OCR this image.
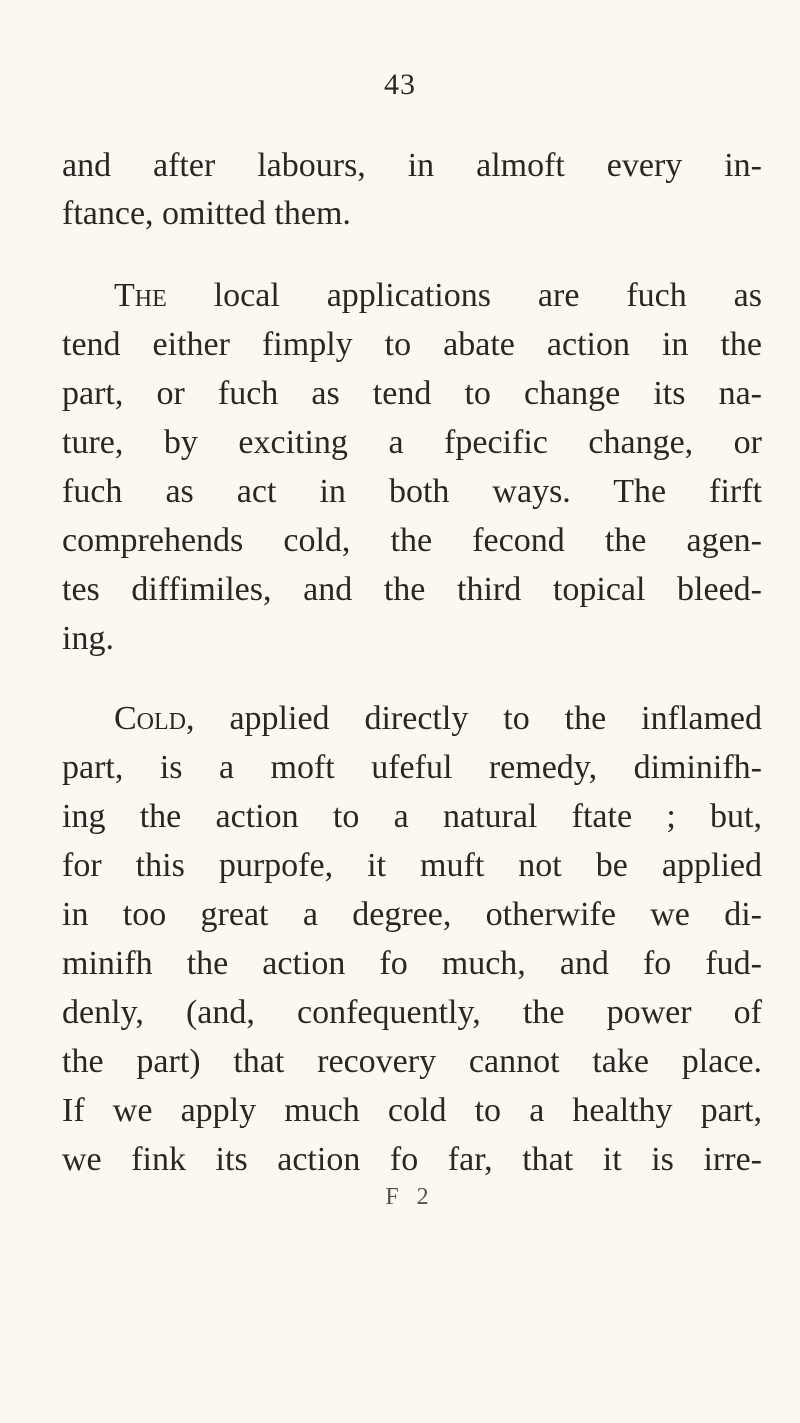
43
and after labours, in almoft every in-
ftance, omitted them.
The local applications are fuch as
tend either fimply to abate action in the
part, or fuch as tend to change its na-
ture, by exciting a fpecific change, or
fuch as act in both ways. The firft
comprehends cold, the fecond the agen-
tes diffimiles, and the third topical bleed-
ing.
Cold, applied directly to the inflamed
part, is a moft ufeful remedy, diminifh-
ing the action to a natural ftate ; but,
for this purpofe, it muft not be applied
in too great a degree, otherwife we di-
minifh the action fo much, and fo fud-
denly, (and, confequently, the power of
the part) that recovery cannot take place.
If we apply much cold to a healthy part,
we fink its action fo far, that it is irre-
F 2
